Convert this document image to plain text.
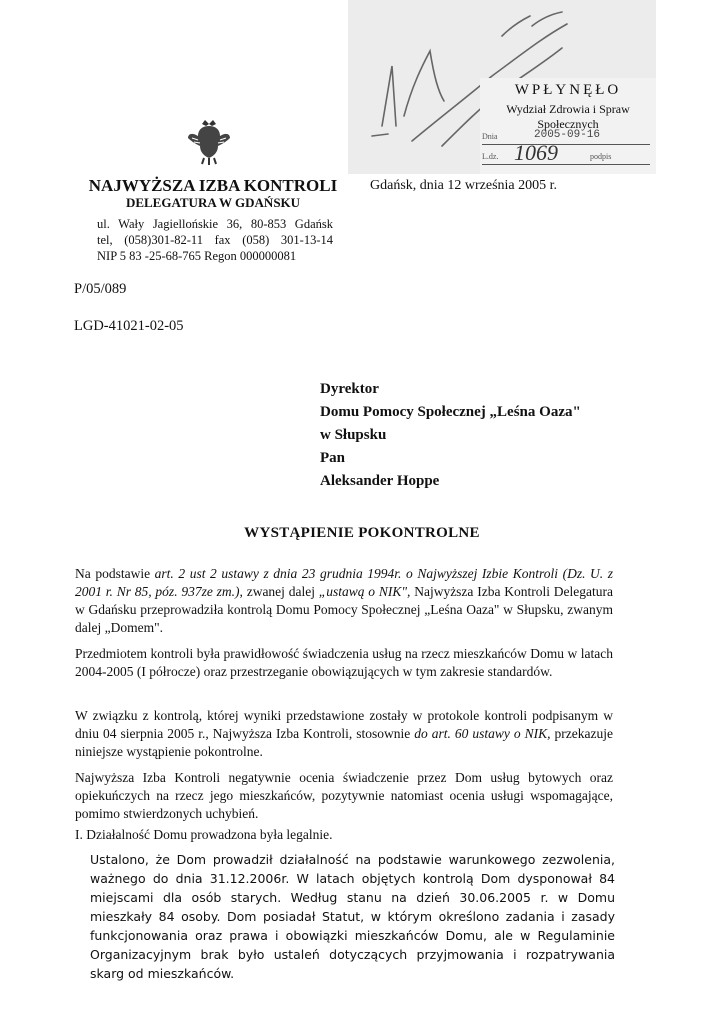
WPŁYNĘŁO
Wydział Zdrowia i Spraw Społecznych
Dnia	2005-09-16
L.dz. 1069	podpis
NAJWYŻSZA IZBA KONTROLI
DELEGATURA W GDAŃSKU
ul. Wały Jagiellońskie 36, 80-853 Gdańsk
tel, (058)301-82-11 fax (058) 301-13-14
NIP 5 83 -25-68-765 Regon 000000081
Gdańsk, dnia 12 września 2005 r.
P/05/089
LGD-41021-02-05
Dyrektor
Domu Pomocy Społecznej „Leśna Oaza"
w Słupsku
Pan
Aleksander Hoppe
WYSTĄPIENIE POKONTROLNE
Na podstawie art. 2 ust 2 ustawy z dnia 23 grudnia 1994r. o Najwyższej Izbie Kontroli (Dz. U. z 2001 r. Nr 85, póz. 937ze zm.), zwanej dalej „ustawą o NIK", Najwyższa Izba Kontroli Delegatura w Gdańsku przeprowadziła kontrolą Domu Pomocy Społecznej „Leśna Oaza" w Słupsku, zwanym dalej „Domem".
Przedmiotem kontroli była prawidłowość świadczenia usług na rzecz mieszkańców Domu w latach 2004-2005 (I półrocze) oraz przestrzeganie obowiązujących w tym zakresie standardów.
W związku z kontrolą, której wyniki przedstawione zostały w protokole kontroli podpisanym w dniu 04 sierpnia 2005 r., Najwyższa Izba Kontroli, stosownie do art. 60 ustawy o NIK, przekazuje niniejsze wystąpienie pokontrolne.
Najwyższa Izba Kontroli negatywnie ocenia świadczenie przez Dom usług bytowych oraz opiekuńczych na rzecz jego mieszkańców, pozytywnie natomiast ocenia usługi wspomagające, pomimo stwierdzonych uchybień.
I. Działalność Domu prowadzona była legalnie.
Ustalono, że Dom prowadził działalność na podstawie warunkowego zezwolenia, ważnego do dnia 31.12.2006r. W latach objętych kontrolą Dom dysponował 84 miejscami dla osób starych. Według stanu na dzień 30.06.2005 r. w Domu mieszkały 84 osoby. Dom posiadał Statut, w którym określono zadania i zasady funkcjonowania oraz prawa i obowiązki mieszkańców Domu, ale w Regulaminie Organizacyjnym brak było ustaleń dotyczących przyjmowania i rozpatrywania skarg od mieszkańców.
